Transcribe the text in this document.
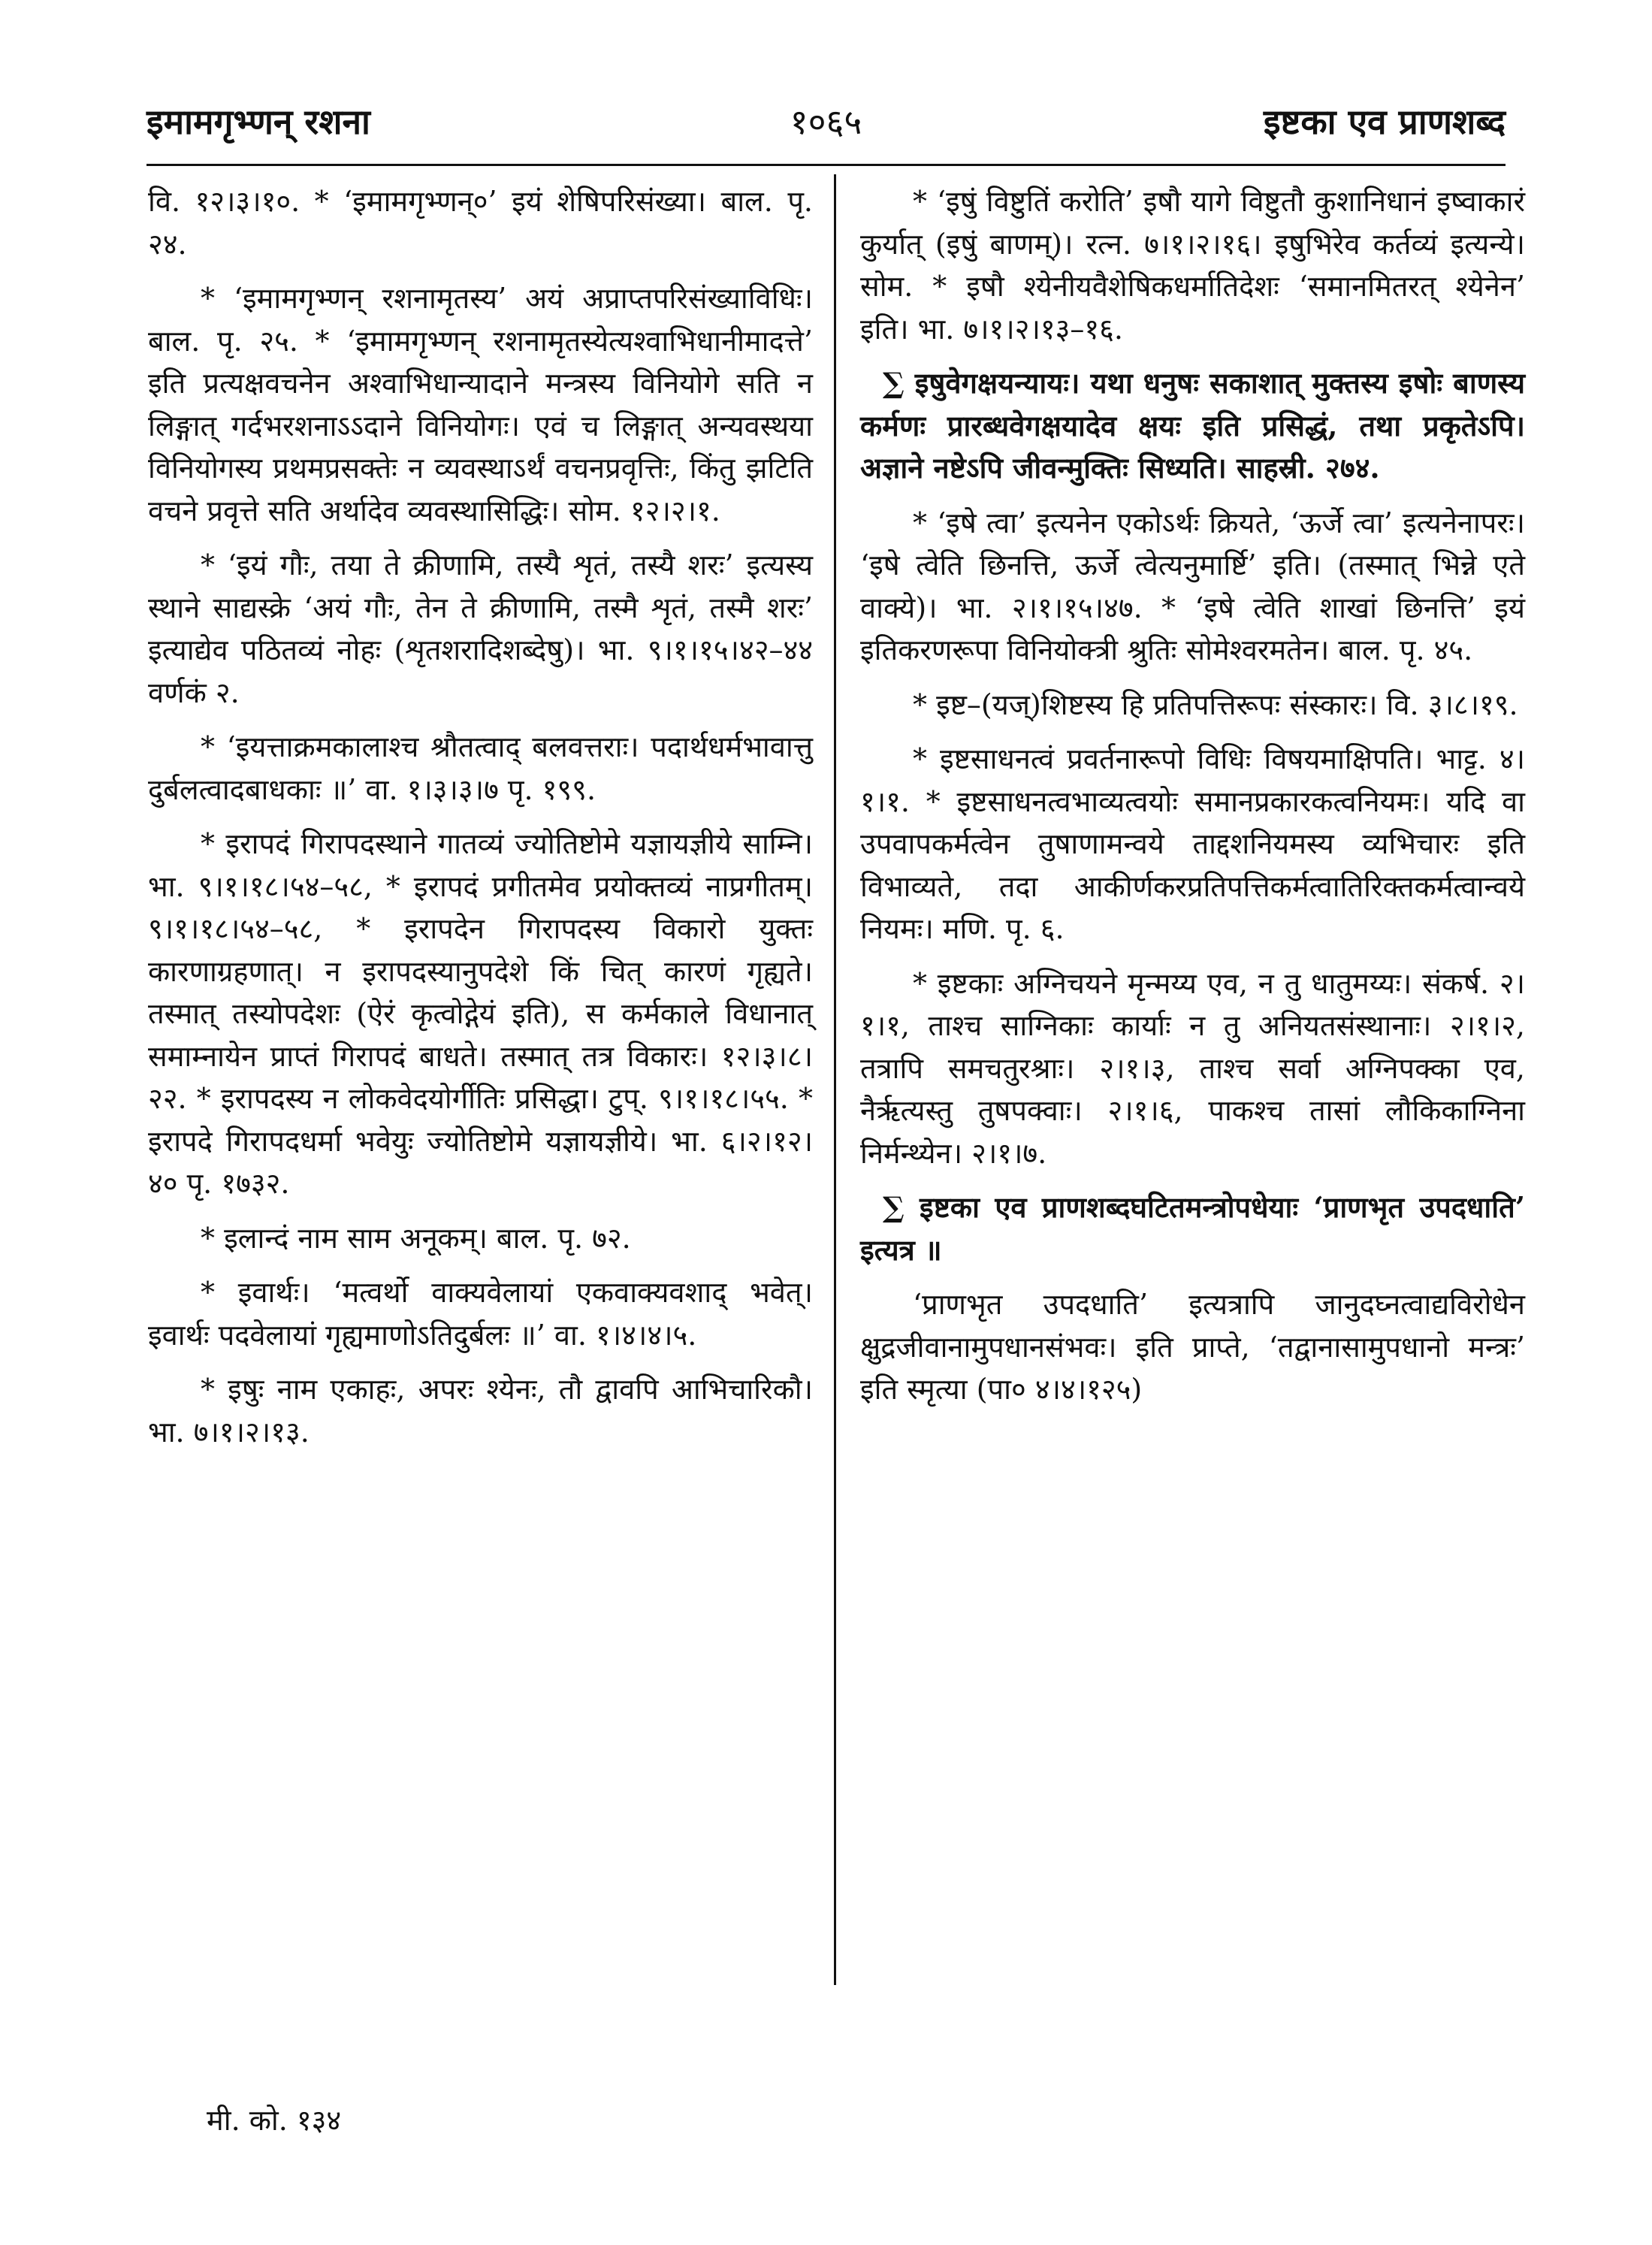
इमामगृभ्णन् रशना	१०६५	इष्टका एव प्राणशब्द

वि. १२।३।१०. * ‘इमामगृभ्णन्०’ इयं शेषिपरिसंख्या। बाल. पृ. २४.

* ‘इमामगृभ्णन् रशनामृतस्य’ अयं अप्राप्तपरिसंख्याविधिः। बाल. पृ. २५. * ‘इमामगृभ्णन् रशनामृतस्येत्यश्वाभिधानीमादत्ते’ इति प्रत्यक्षवचनेन अश्वाभिधान्यादाने मन्त्रस्य विनियोगे सति न लिङ्गात् गर्दभरशनाऽऽदाने विनियोगः। एवं च लिङ्गात् अन्यवस्थया विनियोगस्य प्रथमप्रसक्तेः न व्यवस्थाऽर्थं वचनप्रवृत्तिः, किंतु झटिति वचने प्रवृत्ते सति अर्थादेव व्यवस्थासिद्धिः। सोम. १२।२।१.

* ‘इयं गौः, तया ते क्रीणामि, तस्यै शृतं, तस्यै शरः’ इत्यस्य स्थाने साद्यस्क्रे ‘अयं गौः, तेन ते क्रीणामि, तस्मै शृतं, तस्मै शरः’ इत्याद्येव पठितव्यं नोहः (शृतशरादिशब्देषु)। भा. ९।१।१५।४२–४४ वर्णकं २.

* ‘इयत्ताक्रमकालाश्च श्रौतत्वाद् बलवत्तराः। पदार्थधर्मभावात्तु दुर्बलत्वादबाधकाः ॥’ वा. १।३।३।७ पृ. १९९.

* इरापदं गिरापदस्थाने गातव्यं ज्योतिष्टोमे यज्ञायज्ञीये साम्नि। भा. ९।१।१८।५४–५८, * इरापदं प्रगीतमेव प्रयोक्तव्यं नाप्रगीतम्। ९।१।१८।५४–५८, * इरापदेन गिरापदस्य विकारो युक्तः कारणाग्रहणात्। न इरापदस्यानुपदेशे किं चित् कारणं गृह्यते। तस्मात् तस्योपदेशः (ऐरं कृत्वोद्गेयं इति), स कर्मकाले विधानात् समाम्नायेन प्राप्तं गिरापदं बाधते। तस्मात् तत्र विकारः। १२।३।८।२२. * इरापदस्य न लोकवेदयोर्गीतिः प्रसिद्धा। टुप्. ९।१।१८।५५. * इरापदे गिरापदधर्मा भवेयुः ज्योतिष्टोमे यज्ञायज्ञीये। भा. ६।२।१२।४० पृ. १७३२.

* इलान्दं नाम साम अनूकम्। बाल. पृ. ७२.

* इवार्थः। ‘मत्वर्थो वाक्यवेलायां एकवाक्यवशाद् भवेत्। इवार्थः पदवेलायां गृह्यमाणोऽतिदुर्बलः ॥’ वा. १।४।४।५.

* इषुः नाम एकाहः, अपरः श्येनः, तौ द्वावपि आभिचारिकौ। भा. ७।१।२।१३.

* ‘इषुं विष्टुतिं करोति’ इषौ यागे विष्टुतौ कुशानिधानं इष्वाकारं कुर्यात् (इषुं बाणम्)। रत्न. ७।१।२।१६। इषुभिरेव कर्तव्यं इत्यन्ये। सोम. * इषौ श्येनीयवैशेषिकधर्मातिदेशः ‘समानमितरत् श्येनेन’ इति। भा. ७।१।२।१३–१६.

∑ इषुवेगक्षयन्यायः। यथा धनुषः सकाशात् मुक्तस्य इषोः बाणस्य कर्मणः प्रारब्धवेगक्षयादेव क्षयः इति प्रसिद्धं, तथा प्रकृतेऽपि। अज्ञाने नष्टेऽपि जीवन्मुक्तिः सिध्यति। साहस्री. २७४.

* ‘इषे त्वा’ इत्यनेन एकोऽर्थः क्रियते, ‘ऊर्जे त्वा’ इत्यनेनापरः। ‘इषे त्वेति छिनत्ति, ऊर्जे त्वेत्यनुमार्ष्टि’ इति। (तस्मात् भिन्ने एते वाक्ये)। भा. २।१।१५।४७. * ‘इषे त्वेति शाखां छिनत्ति’ इयं इतिकरणरूपा विनियोक्त्री श्रुतिः सोमेश्वरमतेन। बाल. पृ. ४५.

* इष्ट–(यज्)शिष्टस्य हि प्रतिपत्तिरूपः संस्कारः। वि. ३।८।१९.

* इष्टसाधनत्वं प्रवर्तनारूपो विधिः विषयमाक्षिपति। भाट्ट. ४।१।१. * इष्टसाधनत्वभाव्यत्वयोः समानप्रकारकत्वनियमः। यदि वा उपवापकर्मत्वेन तुषाणामन्वये ताद्दशनियमस्य व्यभिचारः इति विभाव्यते, तदा आकीर्णकरप्रतिपत्तिकर्मत्वातिरिक्तकर्मत्वान्वये नियमः। मणि. पृ. ६.

* इष्टकाः अग्निचयने मृन्मय्य एव, न तु धातुमय्यः। संकर्ष. २।१।१, ताश्च साग्निकाः कार्याः न तु अनियतसंस्थानाः। २।१।२, तत्रापि समचतुरश्राः। २।१।३, ताश्च सर्वा अग्निपक्का एव, नैर्ऋत्यस्तु तुषपक्वाः। २।१।६, पाकश्च तासां लौकिकाग्निना निर्मन्थ्येन। २।१।७.

∑ इष्टका एव प्राणशब्दघटितमन्त्रोपधेयाः ‘प्राणभृत उपदधाति’ इत्यत्र ॥

‘प्राणभृत उपदधाति’ इत्यत्रापि जानुदघ्नत्वाद्यविरोधेन क्षुद्रजीवानामुपधानसंभवः। इति प्राप्ते, ‘तद्वानासामुपधानो मन्त्रः’ इति स्मृत्या (पा० ४।४।१२५)

मी. को. १३४
